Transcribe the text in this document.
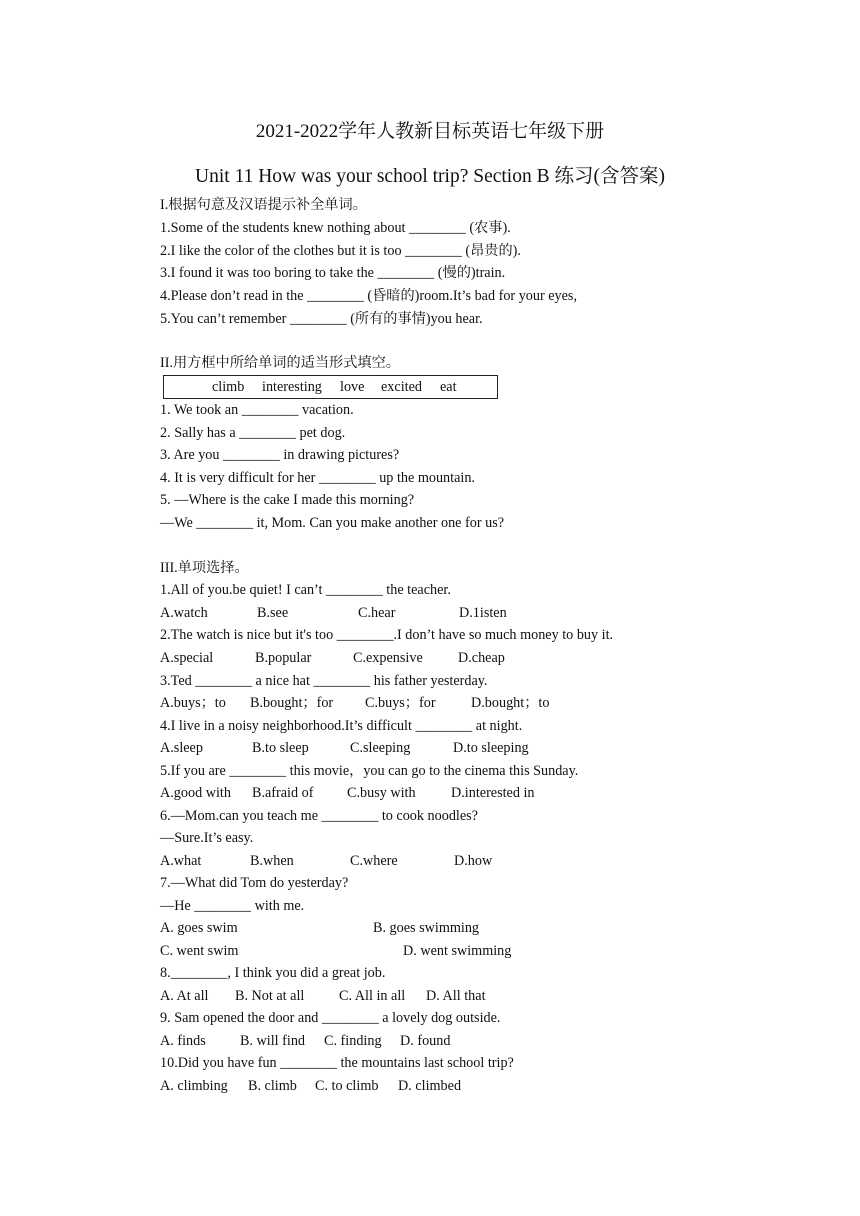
2021-2022学年人教新目标英语七年级下册
Unit 11 How was your school trip? Section B 练习(含答案)
I.根据句意及汉语提示补全单词。
1.Some of the students knew nothing about ________ (农事).
2.I like the color of the clothes but it is too ________ (昂贵的).
3.I found it was too boring to take the ________ (慢的)train.
4.Please don’t read in the ________ (昏暗的)room.It’s bad for your eyes,
5.You can’t remember ________ (所有的事情)you hear.
II.用方框中所给单词的适当形式填空。
climb interesting love excited eat
1. We took an ________ vacation.
2. Sally has a ________ pet dog.
3. Are you ________ in drawing pictures?
4. It is very difficult for her ________ up the mountain.
5. —Where is the cake I made this morning?
—We ________ it, Mom. Can you make another one for us?
III.单项选择。
1.All of you.be quiet! I can’t ________ the teacher.
A.watch	B.see	C.hear	D.1isten
2.The watch is nice but it's too ________.I don’t have so much money to buy it.
A.special	B.popular	C.expensive D.cheap
3.Ted ________ a nice hat ________ his father yesterday.
A.buys；to B.bought；for C.buys；for D.bought；to
4.I live in a noisy neighborhood.It’s difficult ________ at night.
A.sleep	B.to sleep	C.sleeping	D.to sleeping
5.If you are ________ this movie，you can go to the cinema this Sunday.
A.good with B.afraid of C.busy with D.interested in
6.—Mom.can you teach me ________ to cook noodles?
—Sure.It’s easy.
A.what	B.when	C.where	D.how
7.—What did Tom do yesterday?
—He ________ with me.
A. goes swim	B. goes swimming
C. went swim	D. went swimming
8.________, I think you did a great job.
A. At all B. Not at all C. All in all D. All that
9. Sam opened the door and ________ a lovely dog outside.
A. finds B. will find C. finding D. found
10.Did you have fun ________ the mountains last school trip?
A. climbing B. climb C. to climb D. climbed
